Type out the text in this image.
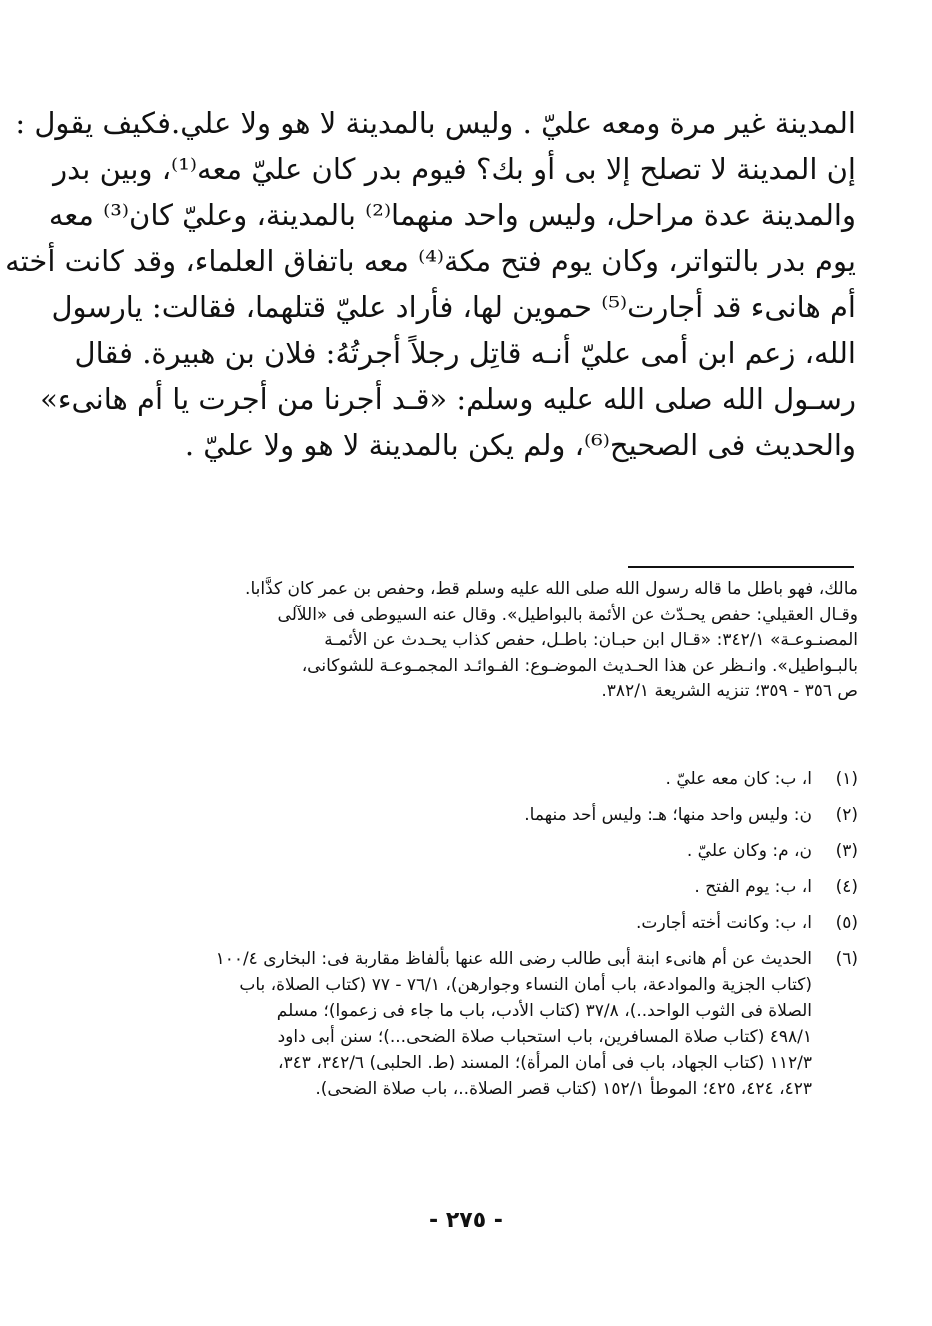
المدينة غير مرة ومعه عليّ . وليس بالمدينة لا هو ولا علي.فكيف يقول :
إن المدينة لا تصلح إلا بى أو بك؟ فيوم بدر كان عليّ معه⁽¹⁾، وبين بدر
والمدينة عدة مراحل، وليس واحد منهما⁽²⁾ بالمدينة، وعليّ كان⁽³⁾ معه
يوم بدر بالتواتر، وكان يوم فتح مكة⁽⁴⁾ معه باتفاق العلماء، وقد كانت أخته
أم هانىء قد أجارت⁽⁵⁾ حموين لها، فأراد عليّ قتلهما، فقالت: يارسول
الله، زعم ابن أمى عليّ أنـه قاتِل رجلاً أجرتُهُ: فلان بن هبيرة. فقال
رسـول الله صلى الله عليه وسلم: «قـد أجرنا من أجرت يا أم هانىء»
والحديث فى الصحيح⁽⁶⁾، ولم يكن بالمدينة لا هو ولا عليّ .
مالك، فهو باطل ما قاله رسول الله صلى الله عليه وسلم قط، وحفص بن عمر كان كذَّابا.
وقـال العقيلي: حفص يحـدّث عن الأئمة بالبواطيل». وقال عنه السيوطى فى «اللآلى
المصنـوعـة» ٣٤٢/١: «قـال ابن حبـان: باطـل، حفص كذاب يحـدث عن الأئمـة
بالبـواطيل». وانـظر عن هذا الحـديث الموضـوع: الفـوائـد المجمـوعـة للشوكانى،
ص ٣٥٦ - ٣٥٩؛ تنزيه الشريعة ٣٨٢/١.
(١)
ا، ب: كان معه عليّ .
(٢)
ن: وليس واحد منها؛ هـ: وليس أحد منهما.
(٣)
ن، م: وكان عليّ .
(٤)
ا، ب: يوم الفتح .
(٥)
ا، ب: وكانت أخته أجارت.
(٦)
الحديث عن أم هانىء ابنة أبى طالب رضى الله عنها بألفاظ مقاربة فى: البخارى ١٠٠/٤
(كتاب الجزية والموادعة، باب أمان النساء وجوارهن)، ٧٦/١ - ٧٧ (كتاب الصلاة، باب
الصلاة فى الثوب الواحد..)، ٣٧/٨ (كتاب الأدب، باب ما جاء فى زعموا)؛ مسلم
٤٩٨/١ (كتاب صلاة المسافرين، باب استحباب صلاة الضحى...)؛ سنن أبى داود
١١٢/٣ (كتاب الجهاد، باب فى أمان المرأة)؛ المسند (ط. الحلبى) ٣٤٢/٦، ٣٤٣،
٤٢٣، ٤٢٤، ٤٢٥؛ الموطأ ١٥٢/١ (كتاب قصر الصلاة..، باب صلاة الضحى).
- ٢٧٥ -
